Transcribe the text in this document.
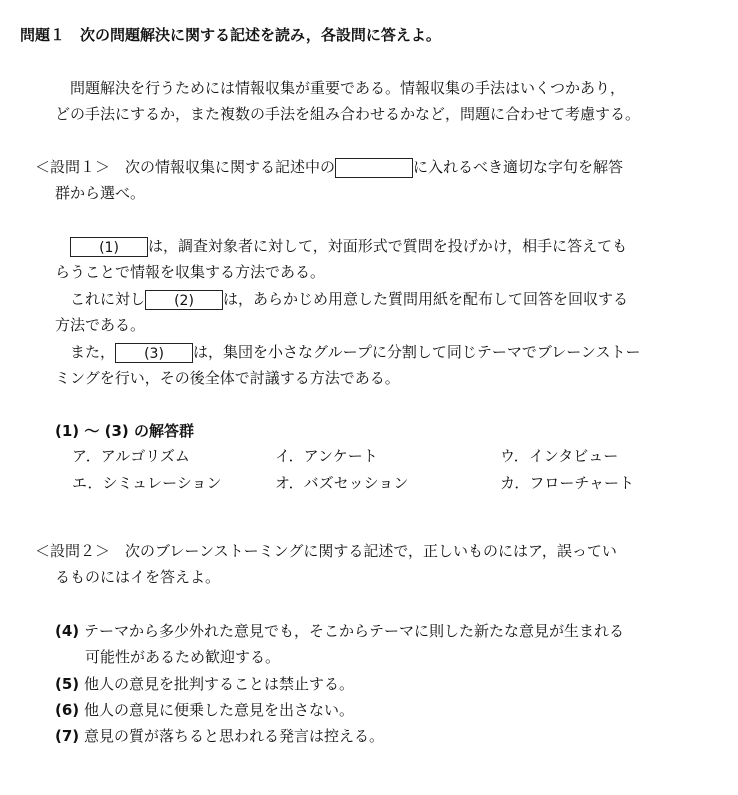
問題１　次の問題解決に関する記述を読み，各設問に答えよ。
問題解決を行うためには情報収集が重要である。情報収集の手法はいくつかあり，
どの手法にするか，また複数の手法を組み合わせるかなど，問題に合わせて考慮する。
＜設問１＞　次の情報収集に関する記述中の	に入れるべき適切な字句を解答
群から選べ。
(1) は，調査対象者に対して，対面形式で質問を投げかけ，相手に答えても
らうことで情報を収集する方法である。
これに対し (2) は，あらかじめ用意した質問用紙を配布して回答を回収する
方法である。
また， (3) は，集団を小さなグループに分割して同じテーマでブレーンストー
ミングを行い，その後全体で討議する方法である。
(1) ～ (3) の解答群
ア．アルゴリズム	イ．アンケート	ウ．インタビュー
エ．シミュレーション	オ．バズセッション	カ．フローチャート
＜設問２＞　次のブレーンストーミングに関する記述で，正しいものにはア，誤ってい
るものにはイを答えよ。
(4) テーマから多少外れた意見でも，そこからテーマに則した新たな意見が生まれる
可能性があるため歓迎する。
(5) 他人の意見を批判することは禁止する。
(6) 他人の意見に便乗した意見を出さない。
(7) 意見の質が落ちると思われる発言は控える。
